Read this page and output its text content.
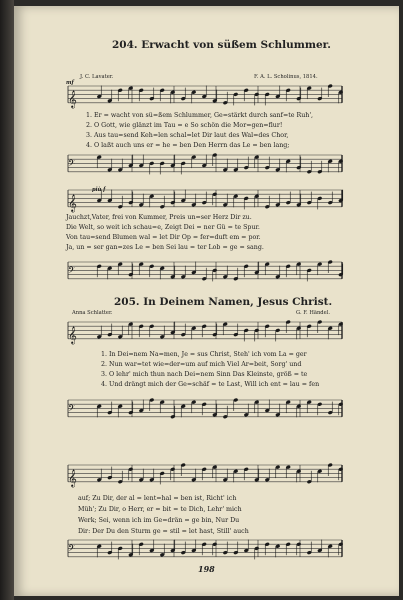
𝄞
𝄢
𝄞
𝄢
𝄞
𝄢
𝄞
𝄢
204. Erwacht von süßem Schlummer.
J. C. Lavater.	F. A. L. Scholinus, 1814.
mf
più f
1. Er = wacht von sü=ßem Schlummer, Ge=stärkt durch sanf=te Ruh',
2. O Gott, wie glänzt im Tau = e So schön die Mor=gen=flur!
3. Aus tau=send Keh=len schal=let Dir laut des Wal=des Chor,
4. O laßt auch uns er = he = ben Den Herrn das Le = ben lang;
Jauchzt,Vater, frei von Kummer, Preis un=ser Herz Dir zu.
Die Welt, so weit ich schau=e, Zeigt Dei = ner Gü = te Spur.
Von tau=send Blumen wal = let Dir Op = fer=duft em = por.
Ja, un = ser gan=zes Le = ben Sei lau = ter Lob = ge = sang.
205. In Deinem Namen, Jesus Christ.
Anna Schlatter.	G. F. Händel.
1. In Dei=nem Na=men, Je = sus Christ, Steh' ich vom La = ger
2. Nun war=tet wie=der=um auf mich Viel Ar=beit, Sorg' und
3. O lehr' mich thun nach Dei=nem Sinn Das Kleinste, größ = te
4. Und drängt mich der Ge=schäf = te Last, Will ich ent = lau = fen
auf; Zu Dir, der al = lent=hal = ben ist, Richt' ich
Müh'; Zu Dir, o Herr, er = bit = te Dich, Lehr' mich
Werk; Sei, wenn ich im Ge=drän = ge bin, Nur Du
Dir: Der Du den Sturm ge = stil = let hast, Still' auch
198
